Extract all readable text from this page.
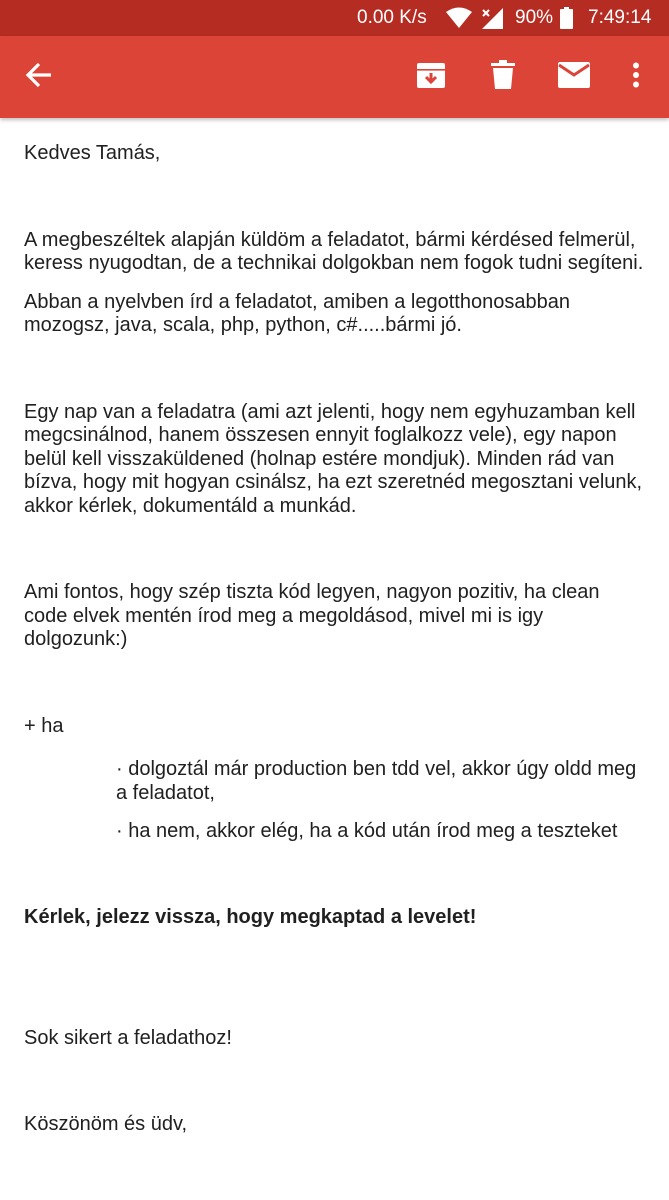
0.00 K/s	90% 7:49:14

Kedves Tamás,

A megbeszéltek alapján küldöm a feladatot, bármi kérdésed felmerül, keress nyugodtan, de a technikai dolgokban nem fogok tudni segíteni.

Abban a nyelvben írd a feladatot, amiben a legotthonosabban mozogsz, java, scala, php, python, c#.....bármi jó.

Egy nap van a feladatra (ami azt jelenti, hogy nem egyhuzamban kell megcsinálnod, hanem összesen ennyit foglalkozz vele), egy napon belül kell visszaküldened (holnap estére mondjuk). Minden rád van bízva, hogy mit hogyan csinálsz, ha ezt szeretnéd megosztani velunk, akkor kérlek, dokumentáld a munkád.

Ami fontos, hogy szép tiszta kód legyen, nagyon pozitiv, ha clean code elvek mentén írod meg a megoldásod, mivel mi is igy dolgozunk:)

+ ha

· dolgoztál már production ben tdd vel, akkor úgy oldd meg a feladatot,

· ha nem, akkor elég, ha a kód után írod meg a teszteket

Kérlek, jelezz vissza, hogy megkaptad a levelet!

Sok sikert a feladathoz!

Köszönöm és üdv,
